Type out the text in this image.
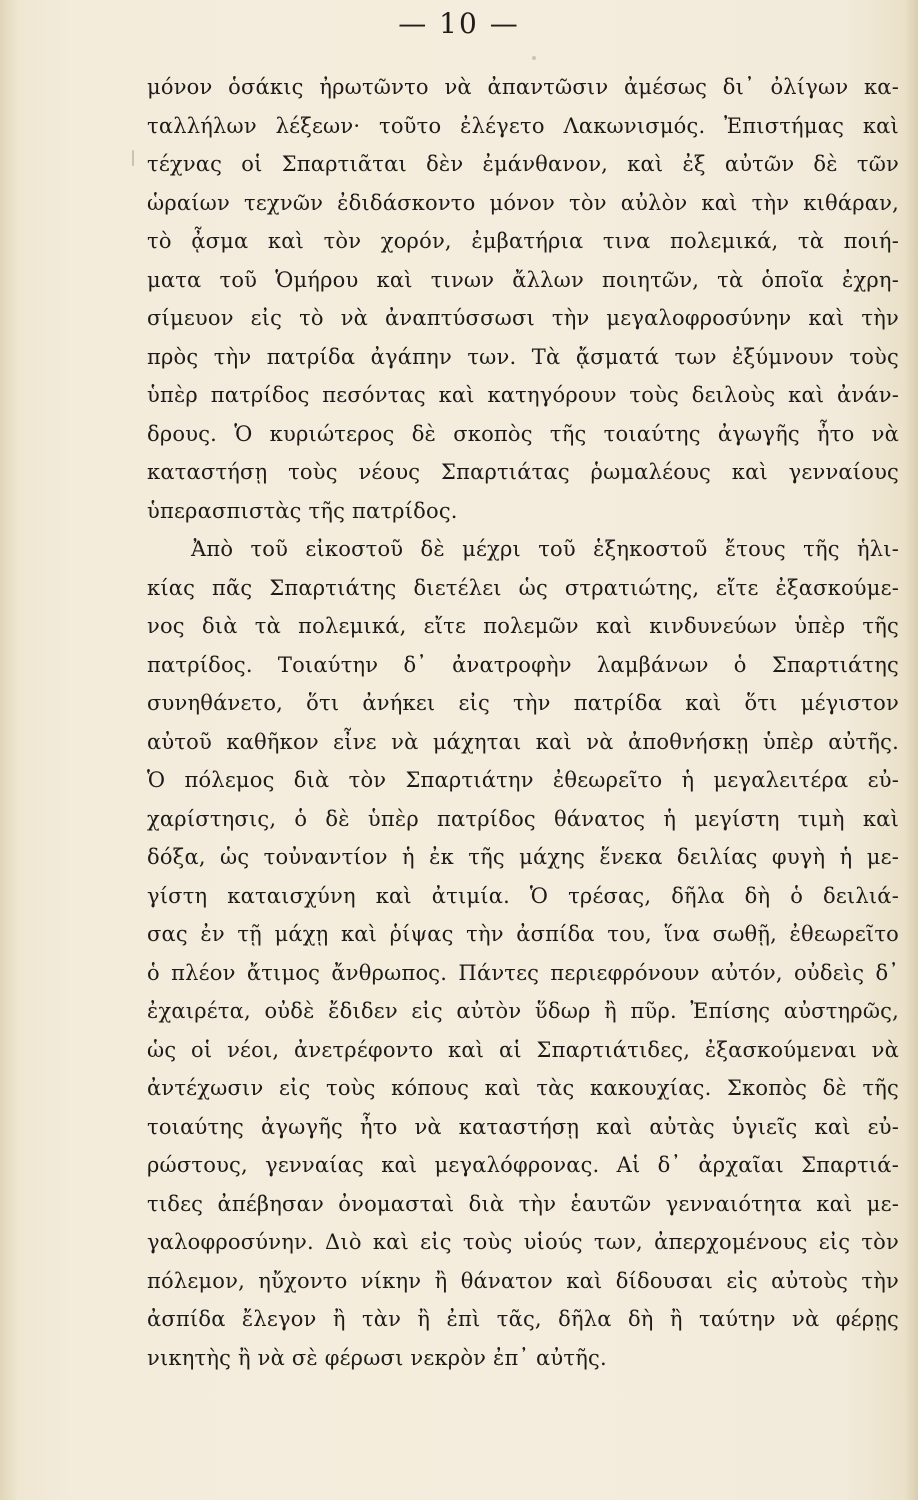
— 10 —
μόνον ὁσάκις ἠρωτῶντο νὰ ἀπαντῶσιν ἀμέσως δι᾽ ὀλίγων κα-
ταλλήλων λέξεων· τοῦτο ἐλέγετο Λακωνισμός. Ἐπιστήμας καὶ
τέχνας οἱ Σπαρτιᾶται δὲν ἐμάνθανον, καὶ ἐξ αὐτῶν δὲ τῶν
ὡραίων τεχνῶν ἐδιδάσκοντο μόνον τὸν αὐλὸν καὶ τὴν κιθάραν,
τὸ ᾆσμα καὶ τὸν χορόν, ἐμβατήρια τινα πολεμικά, τὰ ποιή-
ματα τοῦ Ὁμήρου καὶ τινων ἄλλων ποιητῶν, τὰ ὁποῖα ἐχρη-
σίμευον εἰς τὸ νὰ ἀναπτύσσωσι τὴν μεγαλοφροσύνην καὶ τὴν
πρὸς τὴν πατρίδα ἀγάπην των. Τὰ ᾄσματά των ἐξύμνουν τοὺς
ὑπὲρ πατρίδος πεσόντας καὶ κατηγόρουν τοὺς δειλοὺς καὶ ἀνάν-
δρους. Ὁ κυριώτερος δὲ σκοπὸς τῆς τοιαύτης ἀγωγῆς ἦτο νὰ
καταστήσῃ τοὺς νέους Σπαρτιάτας ῥωμαλέους καὶ γενναίους
ὑπερασπιστὰς τῆς πατρίδος.
Ἀπὸ τοῦ εἰκοστοῦ δὲ μέχρι τοῦ ἑξηκοστοῦ ἔτους τῆς ἡλι-
κίας πᾶς Σπαρτιάτης διετέλει ὡς στρατιώτης, εἴτε ἐξασκούμε-
νος διὰ τὰ πολεμικά, εἴτε πολεμῶν καὶ κινδυνεύων ὑπὲρ τῆς
πατρίδος. Τοιαύτην δ᾽ ἀνατροφὴν λαμβάνων ὁ Σπαρτιάτης
συνηθάνετο, ὅτι ἀνήκει εἰς τὴν πατρίδα καὶ ὅτι μέγιστον
αὐτοῦ καθῆκον εἶνε νὰ μάχηται καὶ νὰ ἀποθνήσκῃ ὑπὲρ αὐτῆς.
Ὁ πόλεμος διὰ τὸν Σπαρτιάτην ἐθεωρεῖτο ἡ μεγαλειτέρα εὐ-
χαρίστησις, ὁ δὲ ὑπὲρ πατρίδος θάνατος ἡ μεγίστη τιμὴ καὶ
δόξα, ὡς τοὐναντίον ἡ ἐκ τῆς μάχης ἕνεκα δειλίας φυγὴ ἡ με-
γίστη καταισχύνη καὶ ἀτιμία. Ὁ τρέσας, δῆλα δὴ ὁ δειλιά-
σας ἐν τῇ μάχῃ καὶ ῥίψας τὴν ἀσπίδα του, ἵνα σωθῇ, ἐθεωρεῖτο
ὁ πλέον ἄτιμος ἄνθρωπος. Πάντες περιεφρόνουν αὐτόν, οὐδεὶς δ᾽
ἐχαιρέτα, οὐδὲ ἔδιδεν εἰς αὐτὸν ὕδωρ ἢ πῦρ. Ἐπίσης αὐστηρῶς,
ὡς οἱ νέοι, ἀνετρέφοντο καὶ αἱ Σπαρτιάτιδες, ἐξασκούμεναι νὰ
ἀντέχωσιν εἰς τοὺς κόπους καὶ τὰς κακουχίας. Σκοπὸς δὲ τῆς
τοιαύτης ἀγωγῆς ἦτο νὰ καταστήσῃ καὶ αὐτὰς ὑγιεῖς καὶ εὐ-
ρώστους, γενναίας καὶ μεγαλόφρονας. Αἱ δ᾽ ἀρχαῖαι Σπαρτιά-
τιδες ἀπέβησαν ὀνομασταὶ διὰ τὴν ἑαυτῶν γενναιότητα καὶ με-
γαλοφροσύνην. Διὸ καὶ εἰς τοὺς υἱούς των, ἀπερχομένους εἰς τὸν
πόλεμον, ηὔχοντο νίκην ἢ θάνατον καὶ δίδουσαι εἰς αὐτοὺς τὴν
ἀσπίδα ἔλεγον ἢ τὰν ἢ ἐπὶ τᾶς, δῆλα δὴ ἢ ταύτην νὰ φέρῃς
νικητὴς ἢ νὰ σὲ φέρωσι νεκρὸν ἐπ᾽ αὐτῆς.
